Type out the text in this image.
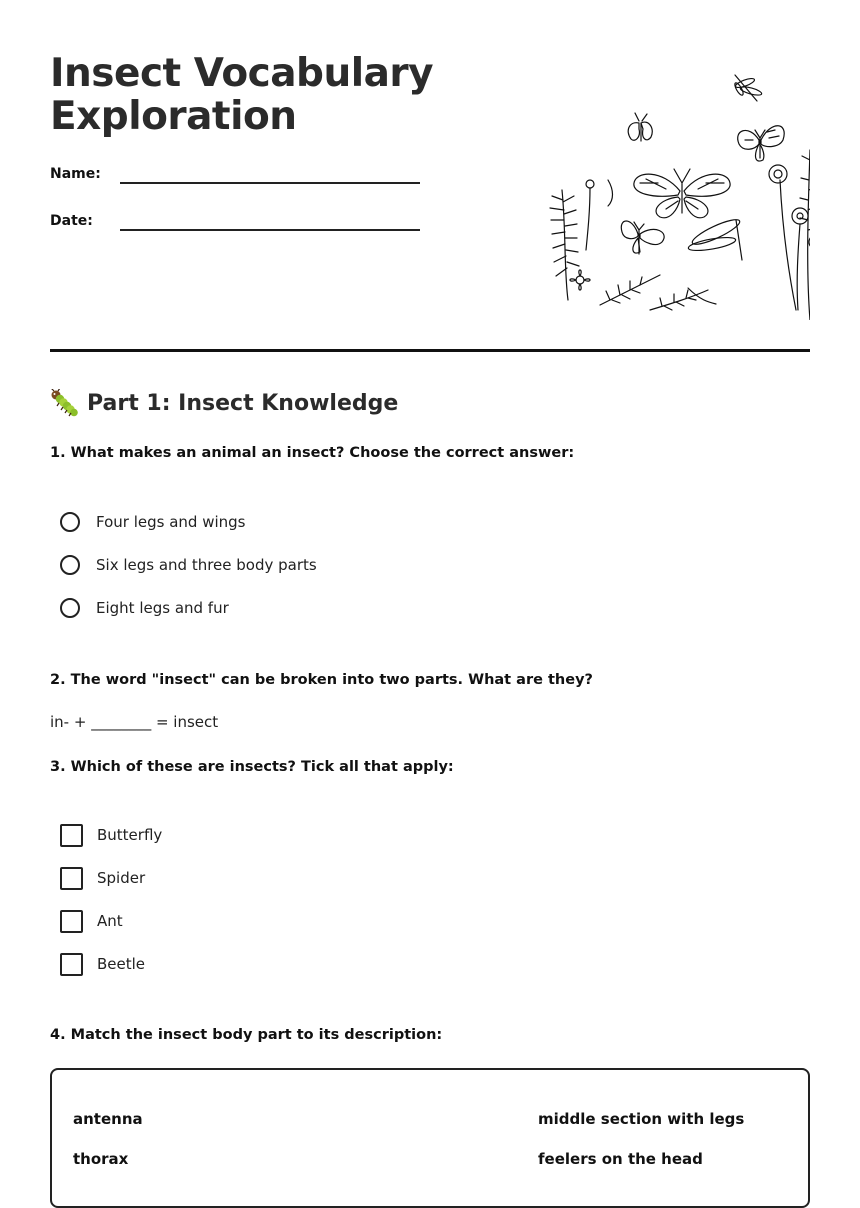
Insect Vocabulary
Exploration
Name:
Date:
Part 1: Insect Knowledge

1. What makes an animal an insect? Choose the correct answer:

Four legs and wings
Six legs and three body parts
Eight legs and fur

2. The word "insect" can be broken into two parts. What are they?

in- + ________ = insect

3. Which of these are insects? Tick all that apply:

Butterfly
Spider
Ant
Beetle

4. Match the insect body part to its description:

antenna	middle section with legs
thorax	feelers on the head
